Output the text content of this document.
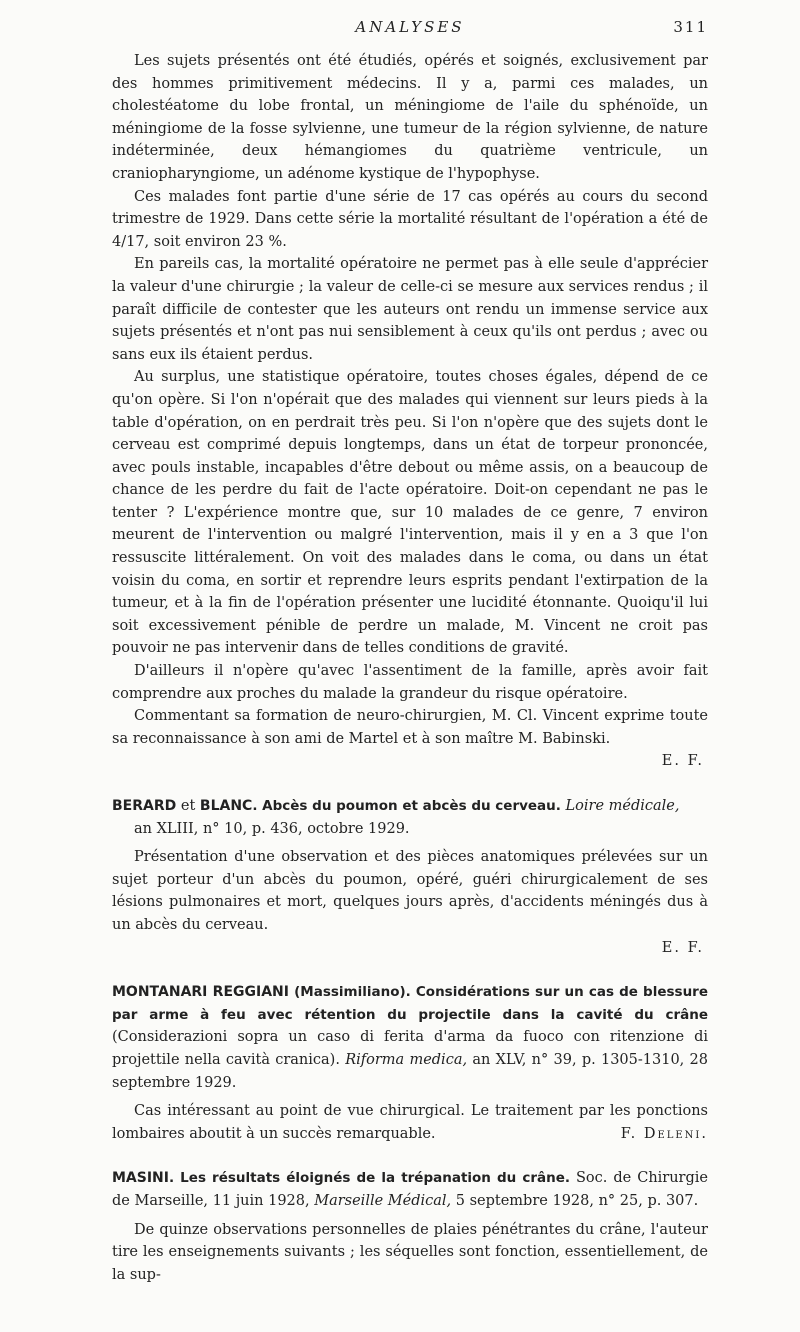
ANALYSES	311

Les sujets présentés ont été étudiés, opérés et soignés, exclusivement par des hommes primitivement médecins. Il y a, parmi ces malades, un cholestéatome du lobe frontal, un méningiome de l'aile du sphénoïde, un méningiome de la fosse sylvienne, une tumeur de la région sylvienne, de nature indéterminée, deux hémangiomes du quatrième ventricule, un craniopharyngiome, un adénome kystique de l'hypophyse.

Ces malades font partie d'une série de 17 cas opérés au cours du second trimestre de 1929. Dans cette série la mortalité résultant de l'opération a été de 4/17, soit environ 23 %.

En pareils cas, la mortalité opératoire ne permet pas à elle seule d'apprécier la valeur d'une chirurgie ; la valeur de celle-ci se mesure aux services rendus ; il paraît difficile de contester que les auteurs ont rendu un immense service aux sujets présentés et n'ont pas nui sensiblement à ceux qu'ils ont perdus ; avec ou sans eux ils étaient perdus.

Au surplus, une statistique opératoire, toutes choses égales, dépend de ce qu'on opère. Si l'on n'opérait que des malades qui viennent sur leurs pieds à la table d'opération, on en perdrait très peu. Si l'on n'opère que des sujets dont le cerveau est comprimé depuis longtemps, dans un état de torpeur prononcée, avec pouls instable, incapables d'être debout ou même assis, on a beaucoup de chance de les perdre du fait de l'acte opératoire. Doit-on cependant ne pas le tenter ? L'expérience montre que, sur 10 malades de ce genre, 7 environ meurent de l'intervention ou malgré l'intervention, mais il y en a 3 que l'on ressuscite littéralement. On voit des malades dans le coma, ou dans un état voisin du coma, en sortir et reprendre leurs esprits pendant l'extirpation de la tumeur, et à la fin de l'opération présenter une lucidité étonnante. Quoiqu'il lui soit excessivement pénible de perdre un malade, M. Vincent ne croit pas pouvoir ne pas intervenir dans de telles conditions de gravité.

D'ailleurs il n'opère qu'avec l'assentiment de la famille, après avoir fait comprendre aux proches du malade la grandeur du risque opératoire.

Commentant sa formation de neuro-chirurgien, M. Cl. Vincent exprime toute sa reconnaissance à son ami de Martel et à son maître M. Babinski.

E. F.
BERARD et BLANC. Abcès du poumon et abcès du cerveau. Loire médicale,
an XLIII, n° 10, p. 436, octobre 1929.

Présentation d'une observation et des pièces anatomiques prélevées sur un sujet porteur d'un abcès du poumon, opéré, guéri chirurgicalement de ses lésions pulmonaires et mort, quelques jours après, d'accidents méningés dus à un abcès du cerveau.

E. F.
MONTANARI REGGIANI (Massimiliano). Considérations sur un cas de blessure par arme à feu avec rétention du projectile dans la cavité du crâne (Considerazioni sopra un caso di ferita d'arma da fuoco con ritenzione di projettile nella cavità cranica). Riforma medica, an XLV, n° 39, p. 1305-1310, 28 septembre 1929.

Cas intéressant au point de vue chirurgical. Le traitement par les ponctions lombaires aboutit à un succès remarquable.	F. Deleni.

MASINI. Les résultats éloignés de la trépanation du crâne. Soc. de Chirurgie de Marseille, 11 juin 1928, Marseille Médical, 5 septembre 1928, n° 25, p. 307.

De quinze observations personnelles de plaies pénétrantes du crâne, l'auteur tire les enseignements suivants ; les séquelles sont fonction, essentiellement, de la sup-
